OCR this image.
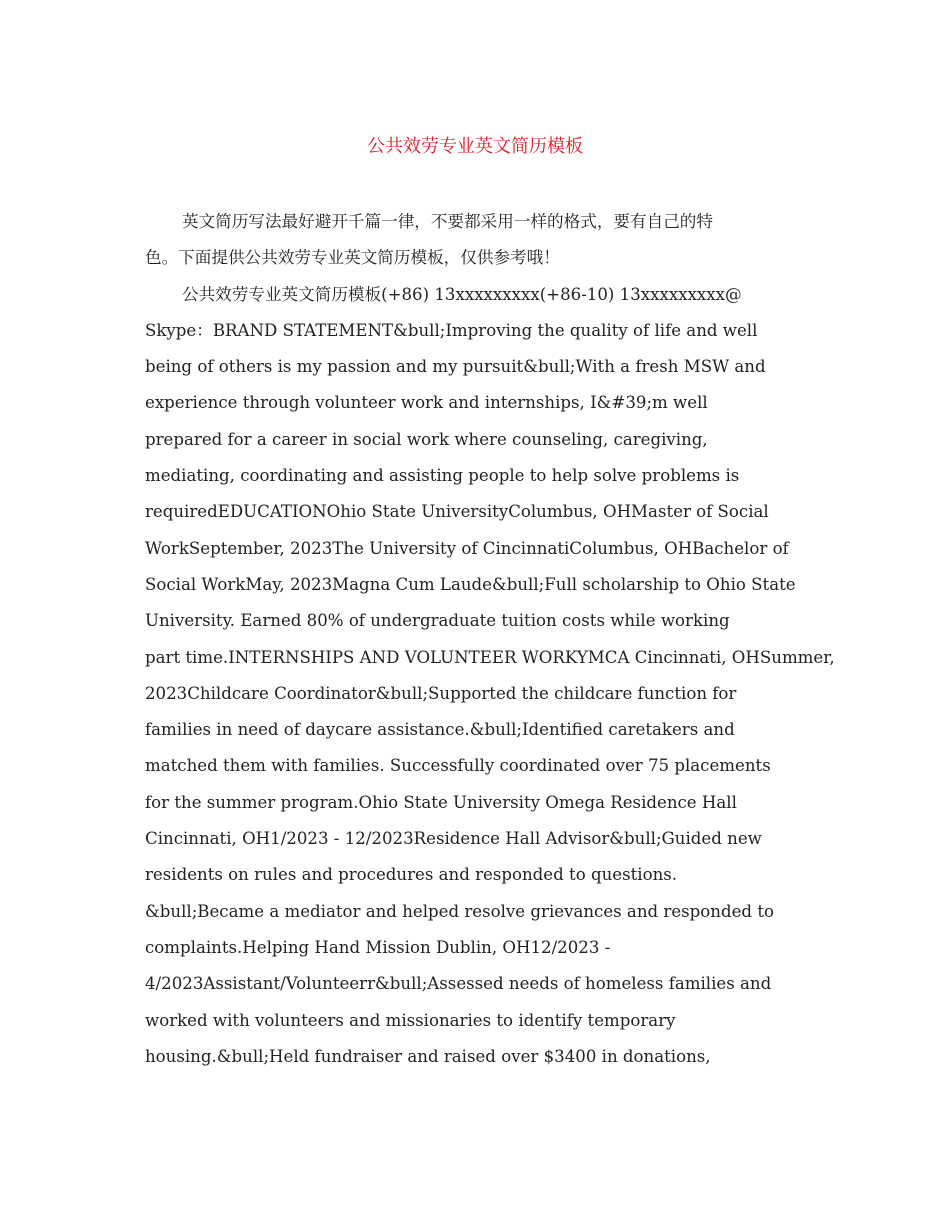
公共效劳专业英文简历模板
英文简历写法最好避开千篇一律，不要都采用一样的格式，要有自己的特
色。下面提供公共效劳专业英文简历模板，仅供参考哦！
公共效劳专业英文简历模板(+86) 13xxxxxxxxx(+86-10) 13xxxxxxxxx@
Skype：BRAND STATEMENT&bull;Improving the quality of life and well
being of others is my passion and my pursuit&bull;With a fresh MSW and
experience through volunteer work and internships, I&#39;m well
prepared for a career in social work where counseling, caregiving,
mediating, coordinating and assisting people to help solve problems is
requiredEDUCATIONOhio State UniversityColumbus, OHMaster of Social
WorkSeptember, 2023The University of CincinnatiColumbus, OHBachelor of
Social WorkMay, 2023Magna Cum Laude&bull;Full scholarship to Ohio State
University. Earned 80% of undergraduate tuition costs while working
part time.INTERNSHIPS AND VOLUNTEER WORKYMCA Cincinnati, OHSummer,
2023Childcare Coordinator&bull;Supported the childcare function for
families in need of daycare assistance.&bull;Identified caretakers and
matched them with families. Successfully coordinated over 75 placements
for the summer program.Ohio State University Omega Residence Hall
Cincinnati, OH1/2023 - 12/2023Residence Hall Advisor&bull;Guided new
residents on rules and procedures and responded to questions.
&bull;Became a mediator and helped resolve grievances and responded to
complaints.Helping Hand Mission Dublin, OH12/2023 -
4/2023Assistant/Volunteerr&bull;Assessed needs of homeless families and
worked with volunteers and missionaries to identify temporary
housing.&bull;Held fundraiser and raised over $3400 in donations,
